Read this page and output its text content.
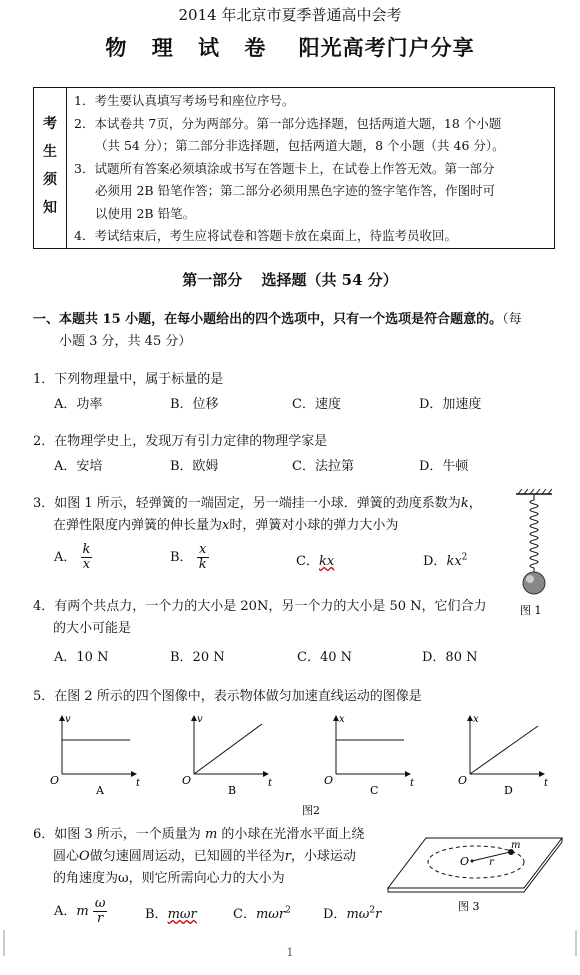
2014 年北京市夏季普通高中会考
物 理 试 卷 阳光高考门户分享
考
生
须
知
1．考生要认真填写考场号和座位序号。
2．本试卷共 7页，分为两部分。第一部分选择题，包括两道大题，18 个小题
（共 54 分）；第二部分非选择题，包括两道大题，8 个小题（共 46 分）。
3．试题所有答案必须填涂或书写在答题卡上，在试卷上作答无效。第一部分
必须用 2B 铅笔作答；第二部分必须用黑色字迹的签字笔作答，作图时可
以使用 2B 铅笔。
4．考试结束后，考生应将试卷和答题卡放在桌面上，待监考员收回。
第一部分 选择题（共 54 分）
一、本题共 15 小题，在每小题给出的四个选项中，只有一个选项是符合题意的。（每
小题 3 分，共 45 分）
1．下列物理量中，属于标量的是
A．功率	B．位移	C．速度	D．加速度
2．在物理学史上，发现万有引力定律的物理学家是
A．安培	B．欧姆	C．法拉第	D．牛顿
3．如图 1 所示，轻弹簧的一端固定，另一端挂一小球．弹簧的劲度系数为k，
在弹性限度内弹簧的伸长量为x时，弹簧对小球的弹力大小为
A． $\frac{k}{x}$	B． $\frac{x}{k}$	C．kx	D．$kx^2$
图 1
4．有两个共点力，一个力的大小是 20N，另一个力的大小是 50 N，它们合力
的大小可能是
A．10 N	B．20 N	C．40 N	D．80 N
5．在图 2 所示的四个图像中，表示物体做匀加速直线运动的图像是
v
t
O
A
v
t
O
B
x
t
O
C
x
t
O
D
图2
6．如图 3 所示，一个质量为 m 的小球在光滑水平面上绕
圆心O做匀速圆周运动，已知圆的半径为r，小球运动
的角速度为ω，则它所需向心力的大小为
A．m $\frac{\omega}{r}$	B．mωr	C．mωr$^2$ D．$m\omega^2r$
O r
m
图 3
1
